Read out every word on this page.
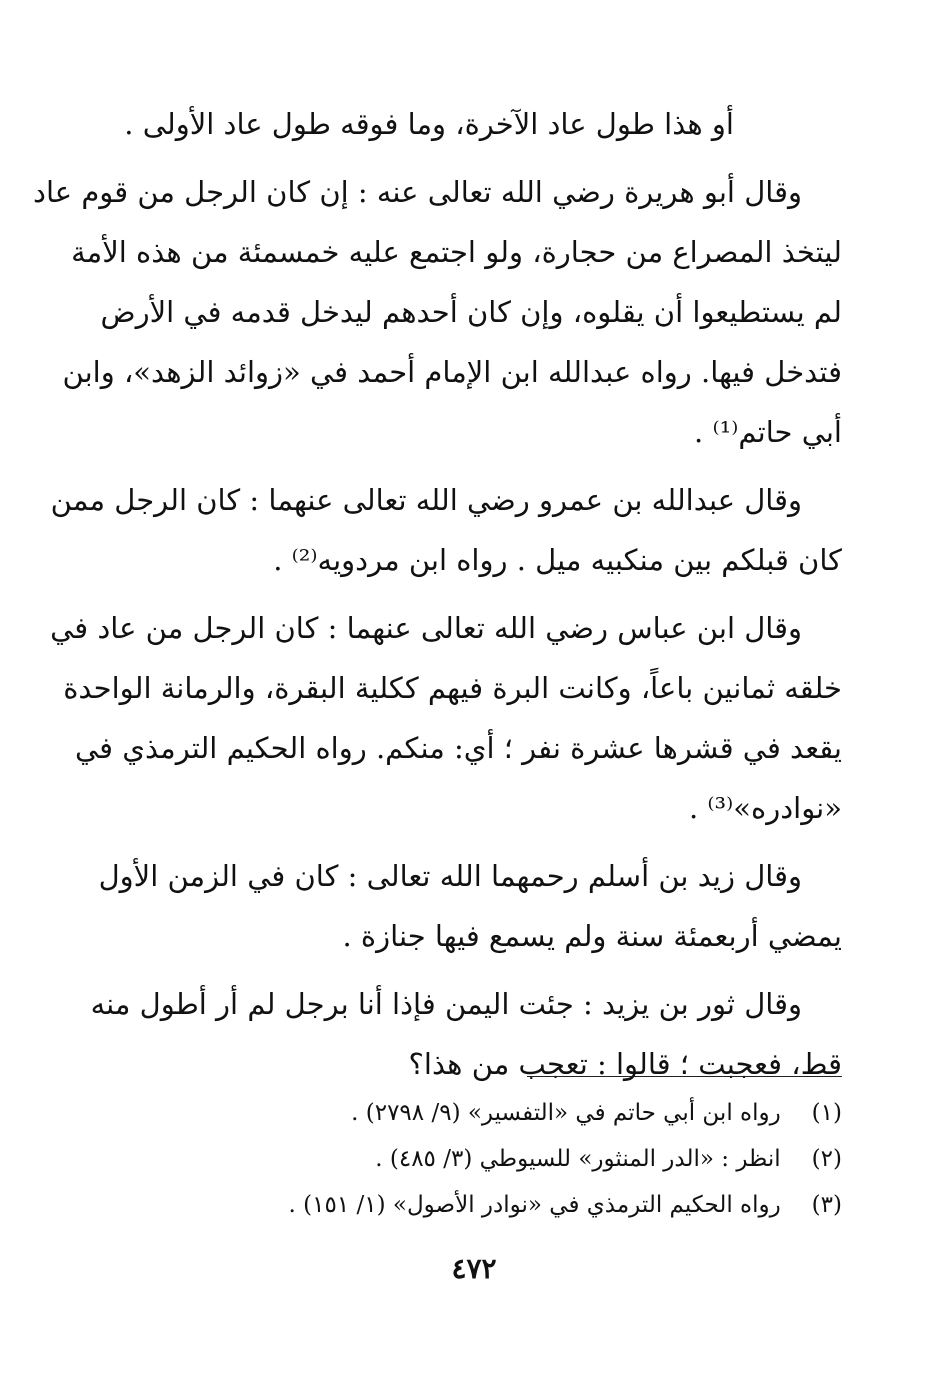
أو هذا طول عاد الآخرة، وما فوقه طول عاد الأولى .
وقال أبو هريرة رضي الله تعالى عنه : إن كان الرجل من قوم عاد
ليتخذ المصراع من حجارة، ولو اجتمع عليه خمسمئة من هذه الأمة
لم يستطيعوا أن يقلوه، وإن كان أحدهم ليدخل قدمه في الأرض
فتدخل فيها. رواه عبدالله ابن الإمام أحمد في «زوائد الزهد»، وابن
أبي حاتم⁽¹⁾ .
وقال عبدالله بن عمرو رضي الله تعالى عنهما : كان الرجل ممن
كان قبلكم بين منكبيه ميل . رواه ابن مردويه⁽²⁾ .
وقال ابن عباس رضي الله تعالى عنهما : كان الرجل من عاد في
خلقه ثمانين باعاً، وكانت البرة فيهم ككلية البقرة، والرمانة الواحدة
يقعد في قشرها عشرة نفر ؛ أي: منكم. رواه الحكيم الترمذي في
«نوادره»⁽³⁾ .
وقال زيد بن أسلم رحمهما الله تعالى : كان في الزمن الأول
يمضي أربعمئة سنة ولم يسمع فيها جنازة .
وقال ثور بن يزيد : جئت اليمن فإذا أنا برجل لم أر أطول منه
قط، فعجبت ؛ قالوا : تعجب من هذا؟
(١) رواه ابن أبي حاتم في «التفسير» (٩/ ٢٧٩٨) .
(٢) انظر : «الدر المنثور» للسيوطي (٣/ ٤٨٥) .
(٣) رواه الحكيم الترمذي في «نوادر الأصول» (١/ ١٥١) .
٤٧٢
